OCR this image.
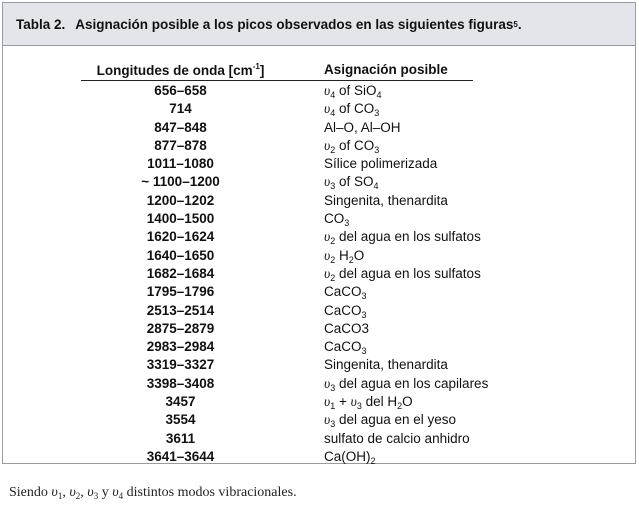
Tabla 2. Asignación posible a los picos observados en las siguientes figuras 5 .
Longitudes de onda $[cm^{-1}]$	Asignación posible
656–658	$\upsilon_4$ of SiO$_4$
714	$\upsilon_4$ of $CO_3$
847–848	Al–O, Al–OH
877–878	$\upsilon_2$ of $CO_3$
1011–1080	Sílice polimerizada
~ 1100–1200	$\upsilon_3$ of $SO_4$
1200–1202	Singenita, thenardita
1400–1500	$CO_3$
1620–1624	$\upsilon_2$ del agua en los sulfatos
1640–1650	$\upsilon_2$ $H_2O$
1682–1684	$\upsilon_2$ del agua en los sulfatos
1795–1796	CaCO$_3$
2513–2514	CaCO$_3$
2875–2879	CaCO3
2983–2984	CaCO$_3$
3319–3327	Singenita, thenardita
3398–3408	$\upsilon_3$ del agua en los capilares
3457	$\upsilon_1 + \upsilon_3$ del $H_2O$
3554	$\upsilon_3$ del agua en el yeso
3611	sulfato de calcio anhidro
3641–3644	$Ca(OH)_2$
Siendo $\upsilon_1$, $\upsilon_2$, $\upsilon_3$ y $\upsilon_4$ distintos modos vibracionales.
